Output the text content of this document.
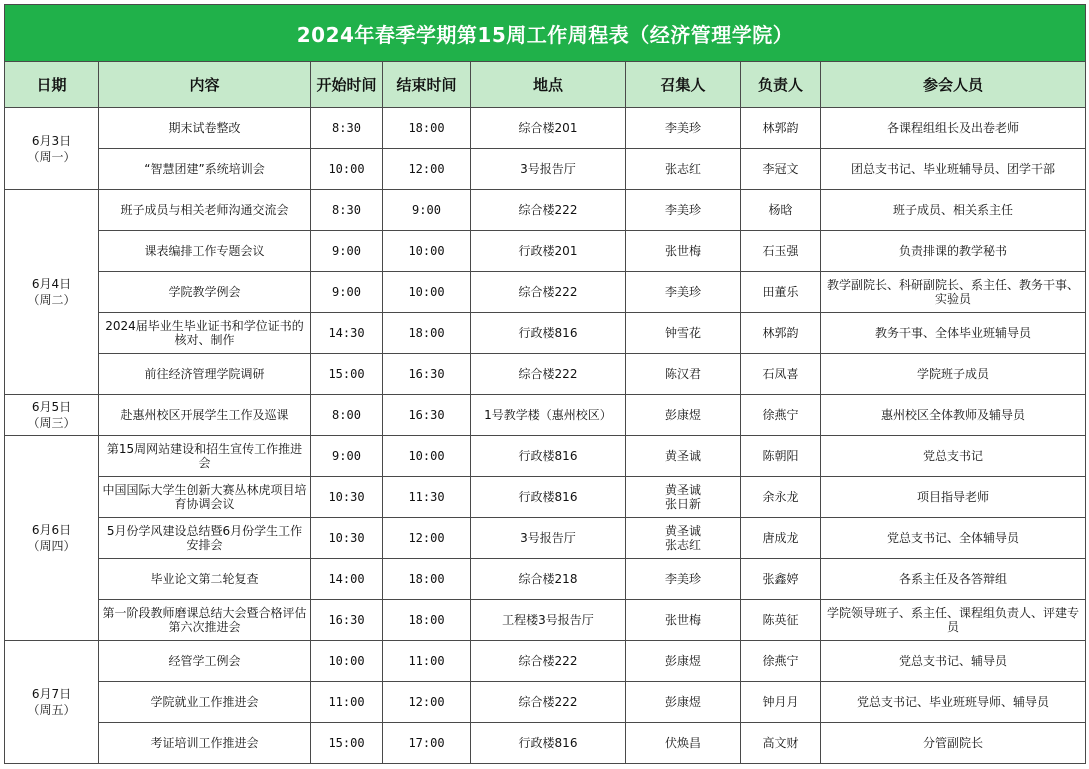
2024年春季学期第15周工作周程表（经济管理学院）							
日期	内容	开始时间	结束时间	地点	召集人	负责人	参会人员

6月3日
（周一）	期末试卷整改	8:30	18:00	综合楼201	李美珍	林郭韵	各课程组组长及出卷老师
	“智慧团建”系统培训会	10:00	12:00	3号报告厅	张志红	李冠文	团总支书记、毕业班辅导员、团学干部

6月4日
（周二）	班子成员与相关老师沟通交流会	8:30	9:00	综合楼222	李美珍	杨晗	班子成员、相关系主任
	课表编排工作专题会议	9:00	10:00	行政楼201	张世梅	石玉强	负责排课的教学秘书
	学院教学例会	9:00	10:00	综合楼222	李美珍	田董乐	教学副院长、科研副院长、系主任、教务干事、实验员
	2024届毕业生毕业证书和学位证书的核对、制作	14:30	18:00	行政楼816	钟雪花	林郭韵	教务干事、全体毕业班辅导员
	前往经济管理学院调研	15:00	16:30	综合楼222	陈汉君	石凤喜	学院班子成员

6月5日
（周三）	赴惠州校区开展学生工作及巡课	8:00	16:30	1号教学楼（惠州校区）	彭康煜	徐燕宁	惠州校区全体教师及辅导员

6月6日
（周四）	第15周网站建设和招生宣传工作推进会	9:00	10:00	行政楼816	黄圣诚	陈朝阳	党总支书记
	中国国际大学生创新大赛丛林虎项目培育协调会议	10:30	11:30	行政楼816	黄圣诚
张日新	余永龙	项目指导老师
	5月份学风建设总结暨6月份学生工作安排会	10:30	12:00	3号报告厅	黄圣诚
张志红	唐成龙	党总支书记、全体辅导员
	毕业论文第二轮复查	14:00	18:00	综合楼218	李美珍	张鑫婷	各系主任及各答辩组
	第一阶段教师磨课总结大会暨合格评估第六次推进会	16:30	18:00	工程楼3号报告厅	张世梅	陈英征	学院领导班子、系主任、课程组负责人、评建专员

6月7日
（周五）	经管学工例会	10:00	11:00	综合楼222	彭康煜	徐燕宁	党总支书记、辅导员
	学院就业工作推进会	11:00	12:00	综合楼222	彭康煜	钟月月	党总支书记、毕业班班导师、辅导员
	考证培训工作推进会	15:00	17:00	行政楼816	伏焕昌	高文财	分管副院长
